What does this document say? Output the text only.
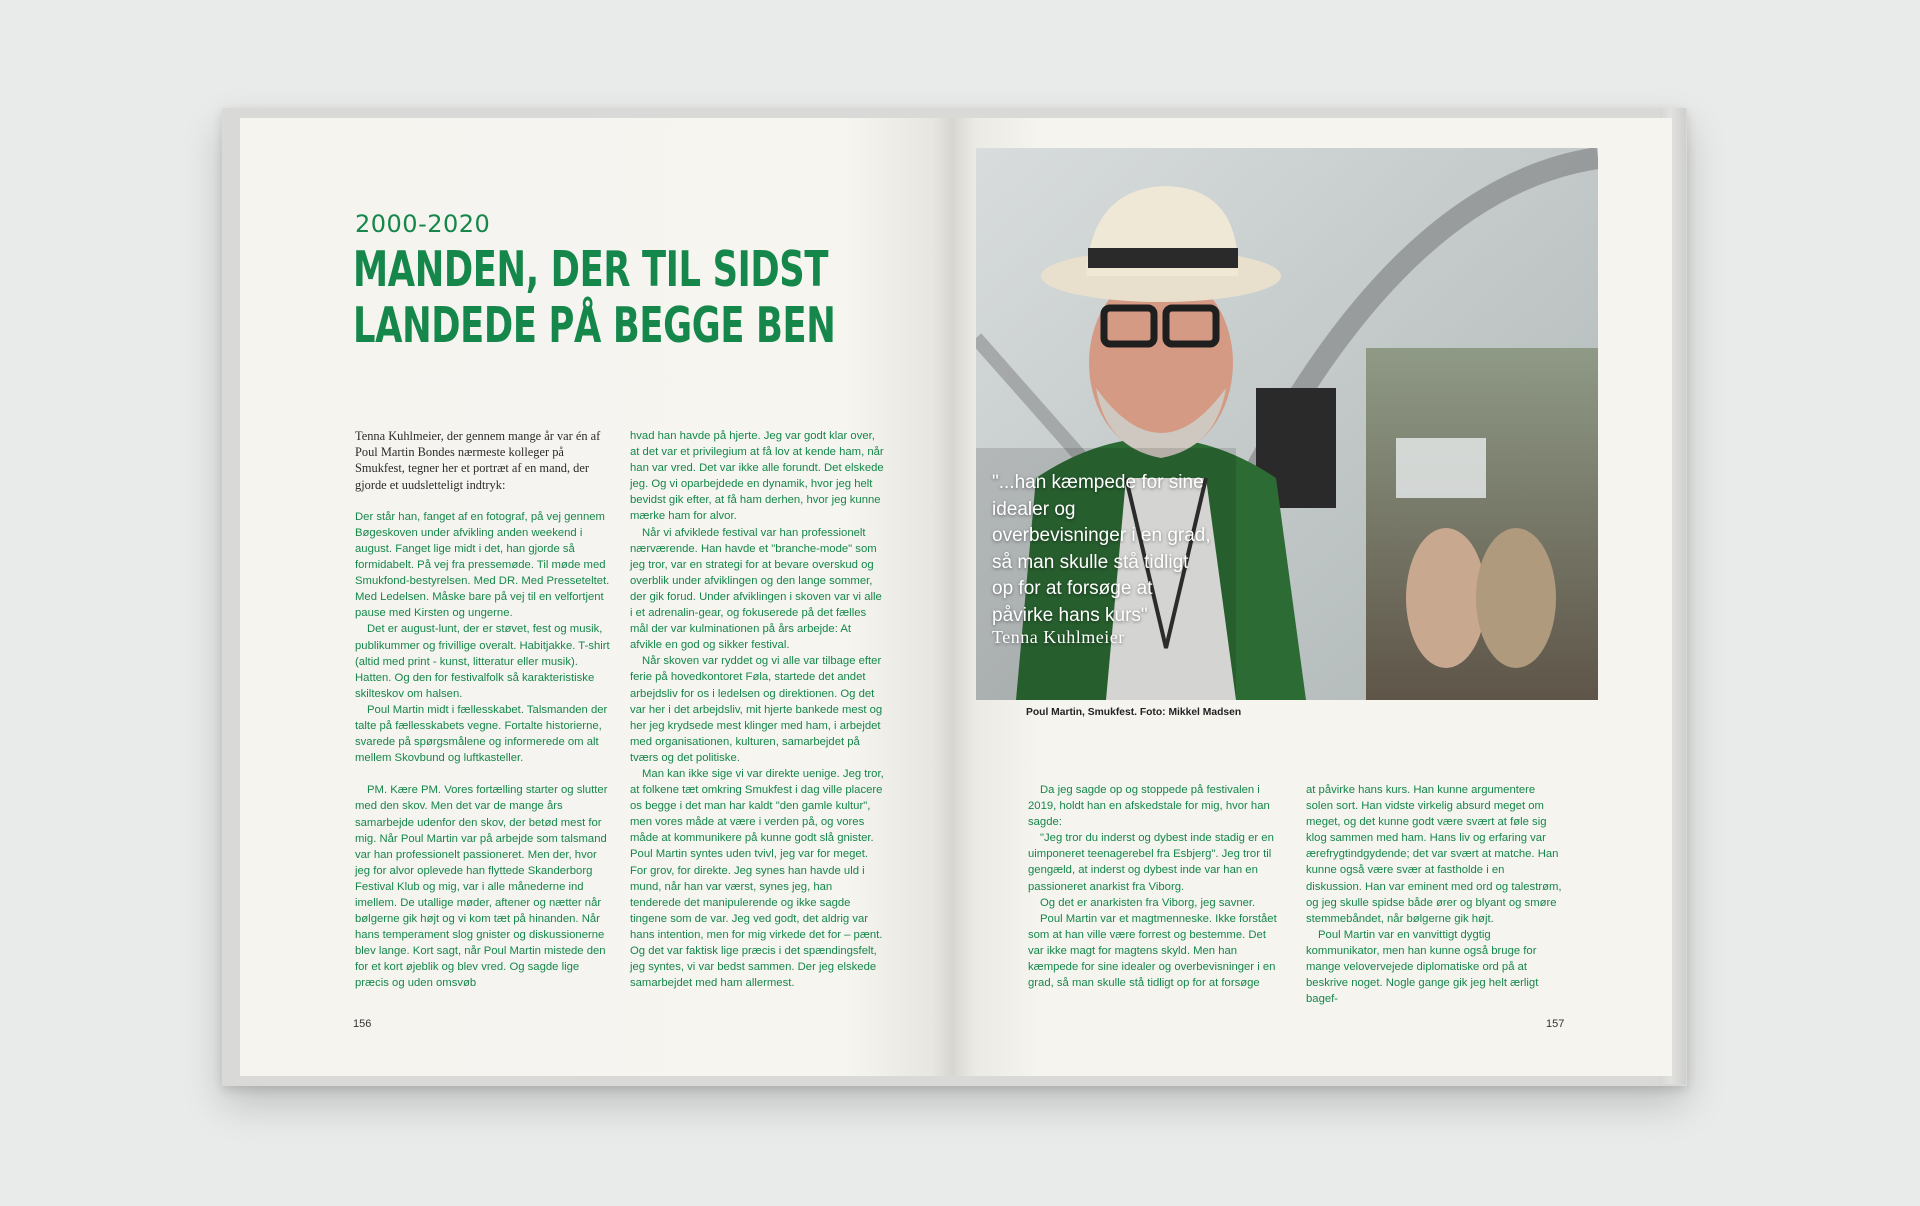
2000-2020
MANDEN, DER TIL SIDST
LANDEDE PÅ BEGGE BEN

Tenna Kuhlmeier, der gennem mange år var én af Poul Martin Bondes nærmeste kolleger på Smukfest, tegner her et portræt af en mand, der gjorde et uudsletteligt indtryk:

Der står han, fanget af en fotograf, på vej gennem Bøgeskoven under afvikling anden weekend i august. Fanget lige midt i det, han gjorde så formidabelt. På vej fra pressemøde. Til møde med Smukfond-bestyrelsen. Med DR. Med Presseteltet. Med Ledelsen. Måske bare på vej til en velfortjent pause med Kirsten og ungerne.

Det er august-lunt, der er støvet, fest og musik, publikummer og frivillige overalt. Habitjakke. T-shirt (altid med print - kunst, litteratur eller musik). Hatten. Og den for festivalfolk så karakteristiske skilteskov om halsen.

Poul Martin midt i fællesskabet. Talsmanden der talte på fællesskabets vegne. Fortalte historierne, svarede på spørgsmålene og informerede om alt mellem Skovbund og luftkasteller.

PM. Kære PM. Vores fortælling starter og slutter med den skov. Men det var de mange års samarbejde udenfor den skov, der betød mest for mig. Når Poul Martin var på arbejde som talsmand var han professionelt passioneret. Men der, hvor jeg for alvor oplevede han flyttede Skanderborg Festival Klub og mig, var i alle månederne ind imellem. De utallige møder, aftener og nætter når bølgerne gik højt og vi kom tæt på hinanden. Når hans temperament slog gnister og diskussionerne blev lange. Kort sagt, når Poul Martin mistede den for et kort øjeblik og blev vred. Og sagde lige præcis og uden omsvøb

hvad han havde på hjerte. Jeg var godt klar over, at det var et privilegium at få lov at kende ham, når han var vred. Det var ikke alle forundt. Det elskede jeg. Og vi oparbejdede en dynamik, hvor jeg helt bevidst gik efter, at få ham derhen, hvor jeg kunne mærke ham for alvor.

Når vi afviklede festival var han professionelt nærværende. Han havde et "branche-mode" som jeg tror, var en strategi for at bevare overskud og overblik under afviklingen og den lange sommer, der gik forud. Under afviklingen i skoven var vi alle i et adrenalin-gear, og fokuserede på det fælles mål der var kulminationen på års arbejde: At afvikle en god og sikker festival.

Når skoven var ryddet og vi alle var tilbage efter ferie på hovedkontoret Føla, startede det andet arbejdsliv for os i ledelsen og direktionen. Og det var her i det arbejdsliv, mit hjerte bankede mest og her jeg krydsede mest klinger med ham, i arbejdet med organisationen, kulturen, samarbejdet på tværs og det politiske.

Man kan ikke sige vi var direkte uenige. Jeg tror, at folkene tæt omkring Smukfest i dag ville placere os begge i det man har kaldt "den gamle kultur", men vores måde at være i verden på, og vores måde at kommunikere på kunne godt slå gnister. Poul Martin syntes uden tvivl, jeg var for meget. For grov, for direkte. Jeg synes han havde uld i mund, når han var værst, synes jeg, han tenderede det manipulerende og ikke sagde tingene som de var. Jeg ved godt, det aldrig var hans intention, men for mig virkede det for – pænt. Og det var faktisk lige præcis i det spændingsfelt, jeg syntes, vi var bedst sammen. Der jeg elskede samarbejdet med ham allermest.

156
"...han kæmpede for sine idealer og overbevisninger i en grad, så man skulle stå tidligt op for at forsøge at påvirke hans kurs"
Tenna Kuhlmeier
Poul Martin, Smukfest. Foto: Mikkel Madsen

Da jeg sagde op og stoppede på festivalen i 2019, holdt han en afskedstale for mig, hvor han sagde:

"Jeg tror du inderst og dybest inde stadig er en uimponeret teenagerebel fra Esbjerg". Jeg tror til gengæld, at inderst og dybest inde var han en passioneret anarkist fra Viborg.

Og det er anarkisten fra Viborg, jeg savner.

Poul Martin var et magtmenneske. Ikke forstået som at han ville være forrest og bestemme. Det var ikke magt for magtens skyld. Men han kæmpede for sine idealer og overbevisninger i en grad, så man skulle stå tidligt op for at forsøge

at påvirke hans kurs. Han kunne argumentere solen sort. Han vidste virkelig absurd meget om meget, og det kunne godt være svært at føle sig klog sammen med ham. Hans liv og erfaring var ærefrygtindgydende; det var svært at matche. Han kunne også være svær at fastholde i en diskussion. Han var eminent med ord og talestrøm, og jeg skulle spidse både ører og blyant og smøre stemmebåndet, når bølgerne gik højt.

Poul Martin var en vanvittigt dygtig kommunikator, men han kunne også bruge for mange velovervejede diplomatiske ord på at beskrive noget. Nogle gange gik jeg helt ærligt bagef-

157
